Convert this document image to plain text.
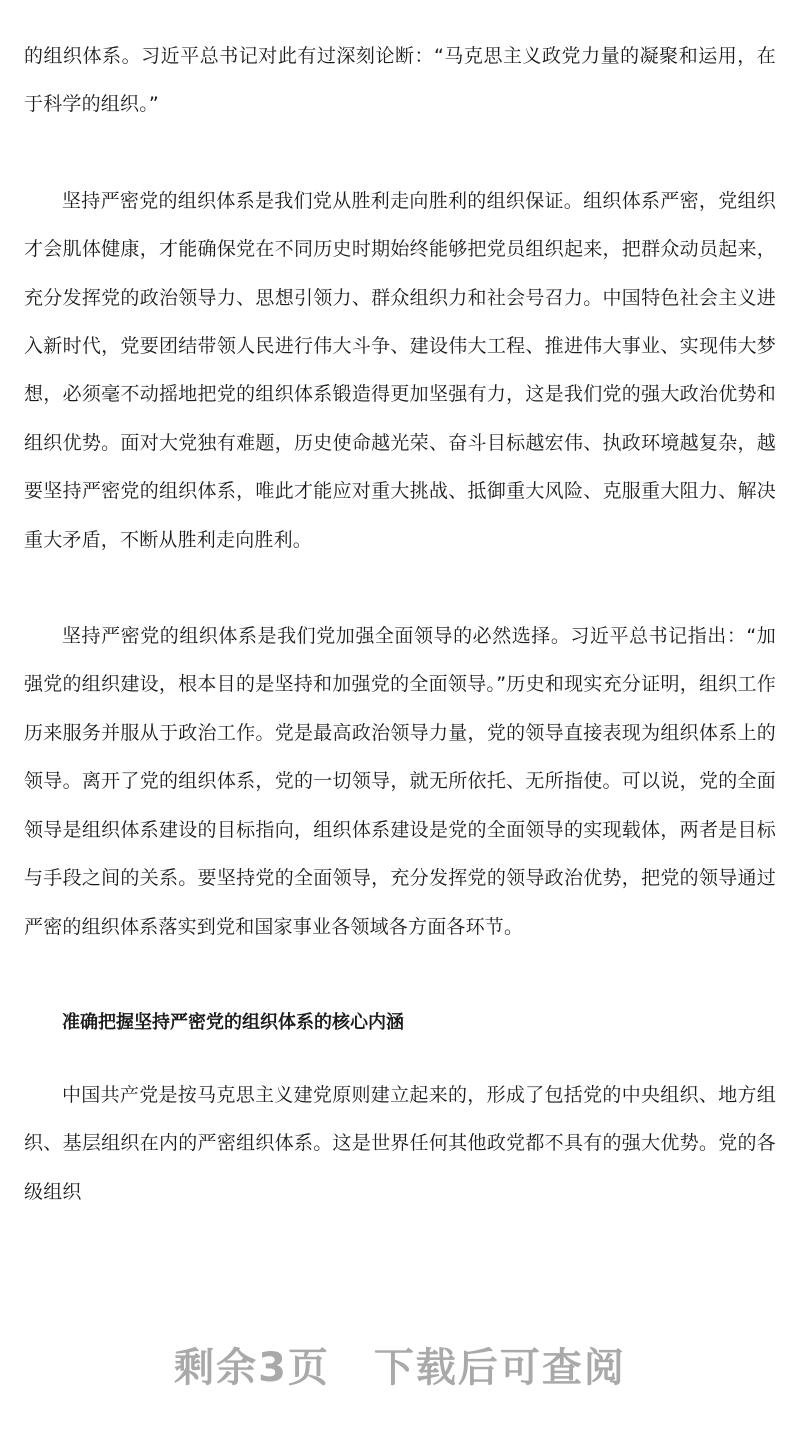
的组织体系。习近平总书记对此有过深刻论断：“马克思主义政党力量的凝聚和运用，在于科学的组织。”

坚持严密党的组织体系是我们党从胜利走向胜利的组织保证。组织体系严密，党组织才会肌体健康，才能确保党在不同历史时期始终能够把党员组织起来，把群众动员起来，充分发挥党的政治领导力、思想引领力、群众组织力和社会号召力。中国特色社会主义进入新时代，党要团结带领人民进行伟大斗争、建设伟大工程、推进伟大事业、实现伟大梦想，必须毫不动摇地把党的组织体系锻造得更加坚强有力，这是我们党的强大政治优势和组织优势。面对大党独有难题，历史使命越光荣、奋斗目标越宏伟、执政环境越复杂，越要坚持严密党的组织体系，唯此才能应对重大挑战、抵御重大风险、克服重大阻力、解决重大矛盾，不断从胜利走向胜利。

坚持严密党的组织体系是我们党加强全面领导的必然选择。习近平总书记指出：“加强党的组织建设，根本目的是坚持和加强党的全面领导。”历史和现实充分证明，组织工作历来服务并服从于政治工作。党是最高政治领导力量，党的领导直接表现为组织体系上的领导。离开了党的组织体系，党的一切领导，就无所依托、无所指使。可以说，党的全面领导是组织体系建设的目标指向，组织体系建设是党的全面领导的实现载体，两者是目标与手段之间的关系。要坚持党的全面领导，充分发挥党的领导政治优势，把党的领导通过严密的组织体系落实到党和国家事业各领域各方面各环节。

准确把握坚持严密党的组织体系的核心内涵

中国共产党是按马克思主义建党原则建立起来的，形成了包括党的中央组织、地方组织、基层组织在内的严密组织体系。这是世界任何其他政党都不具有的强大优势。党的各级组织

剩余3页 下载后可查阅
